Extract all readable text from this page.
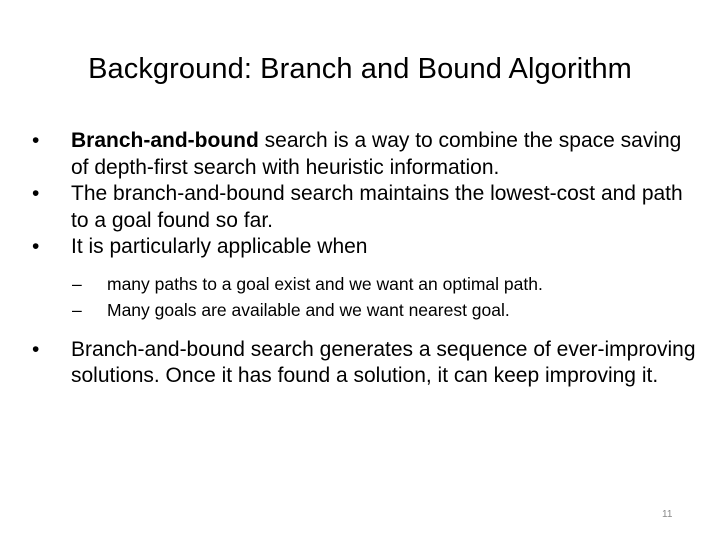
Background: Branch and Bound Algorithm
• Branch-and-bound search is a way to combine the space saving of depth-first search with heuristic information.
• The branch-and-bound search maintains the lowest-cost and path to a goal found so far.
• It is particularly applicable when
– many paths to a goal exist and we want an optimal path.
– Many goals are available and we want nearest goal.
• Branch-and-bound search generates a sequence of ever-improving solutions. Once it has found a solution, it can keep improving it.
11
